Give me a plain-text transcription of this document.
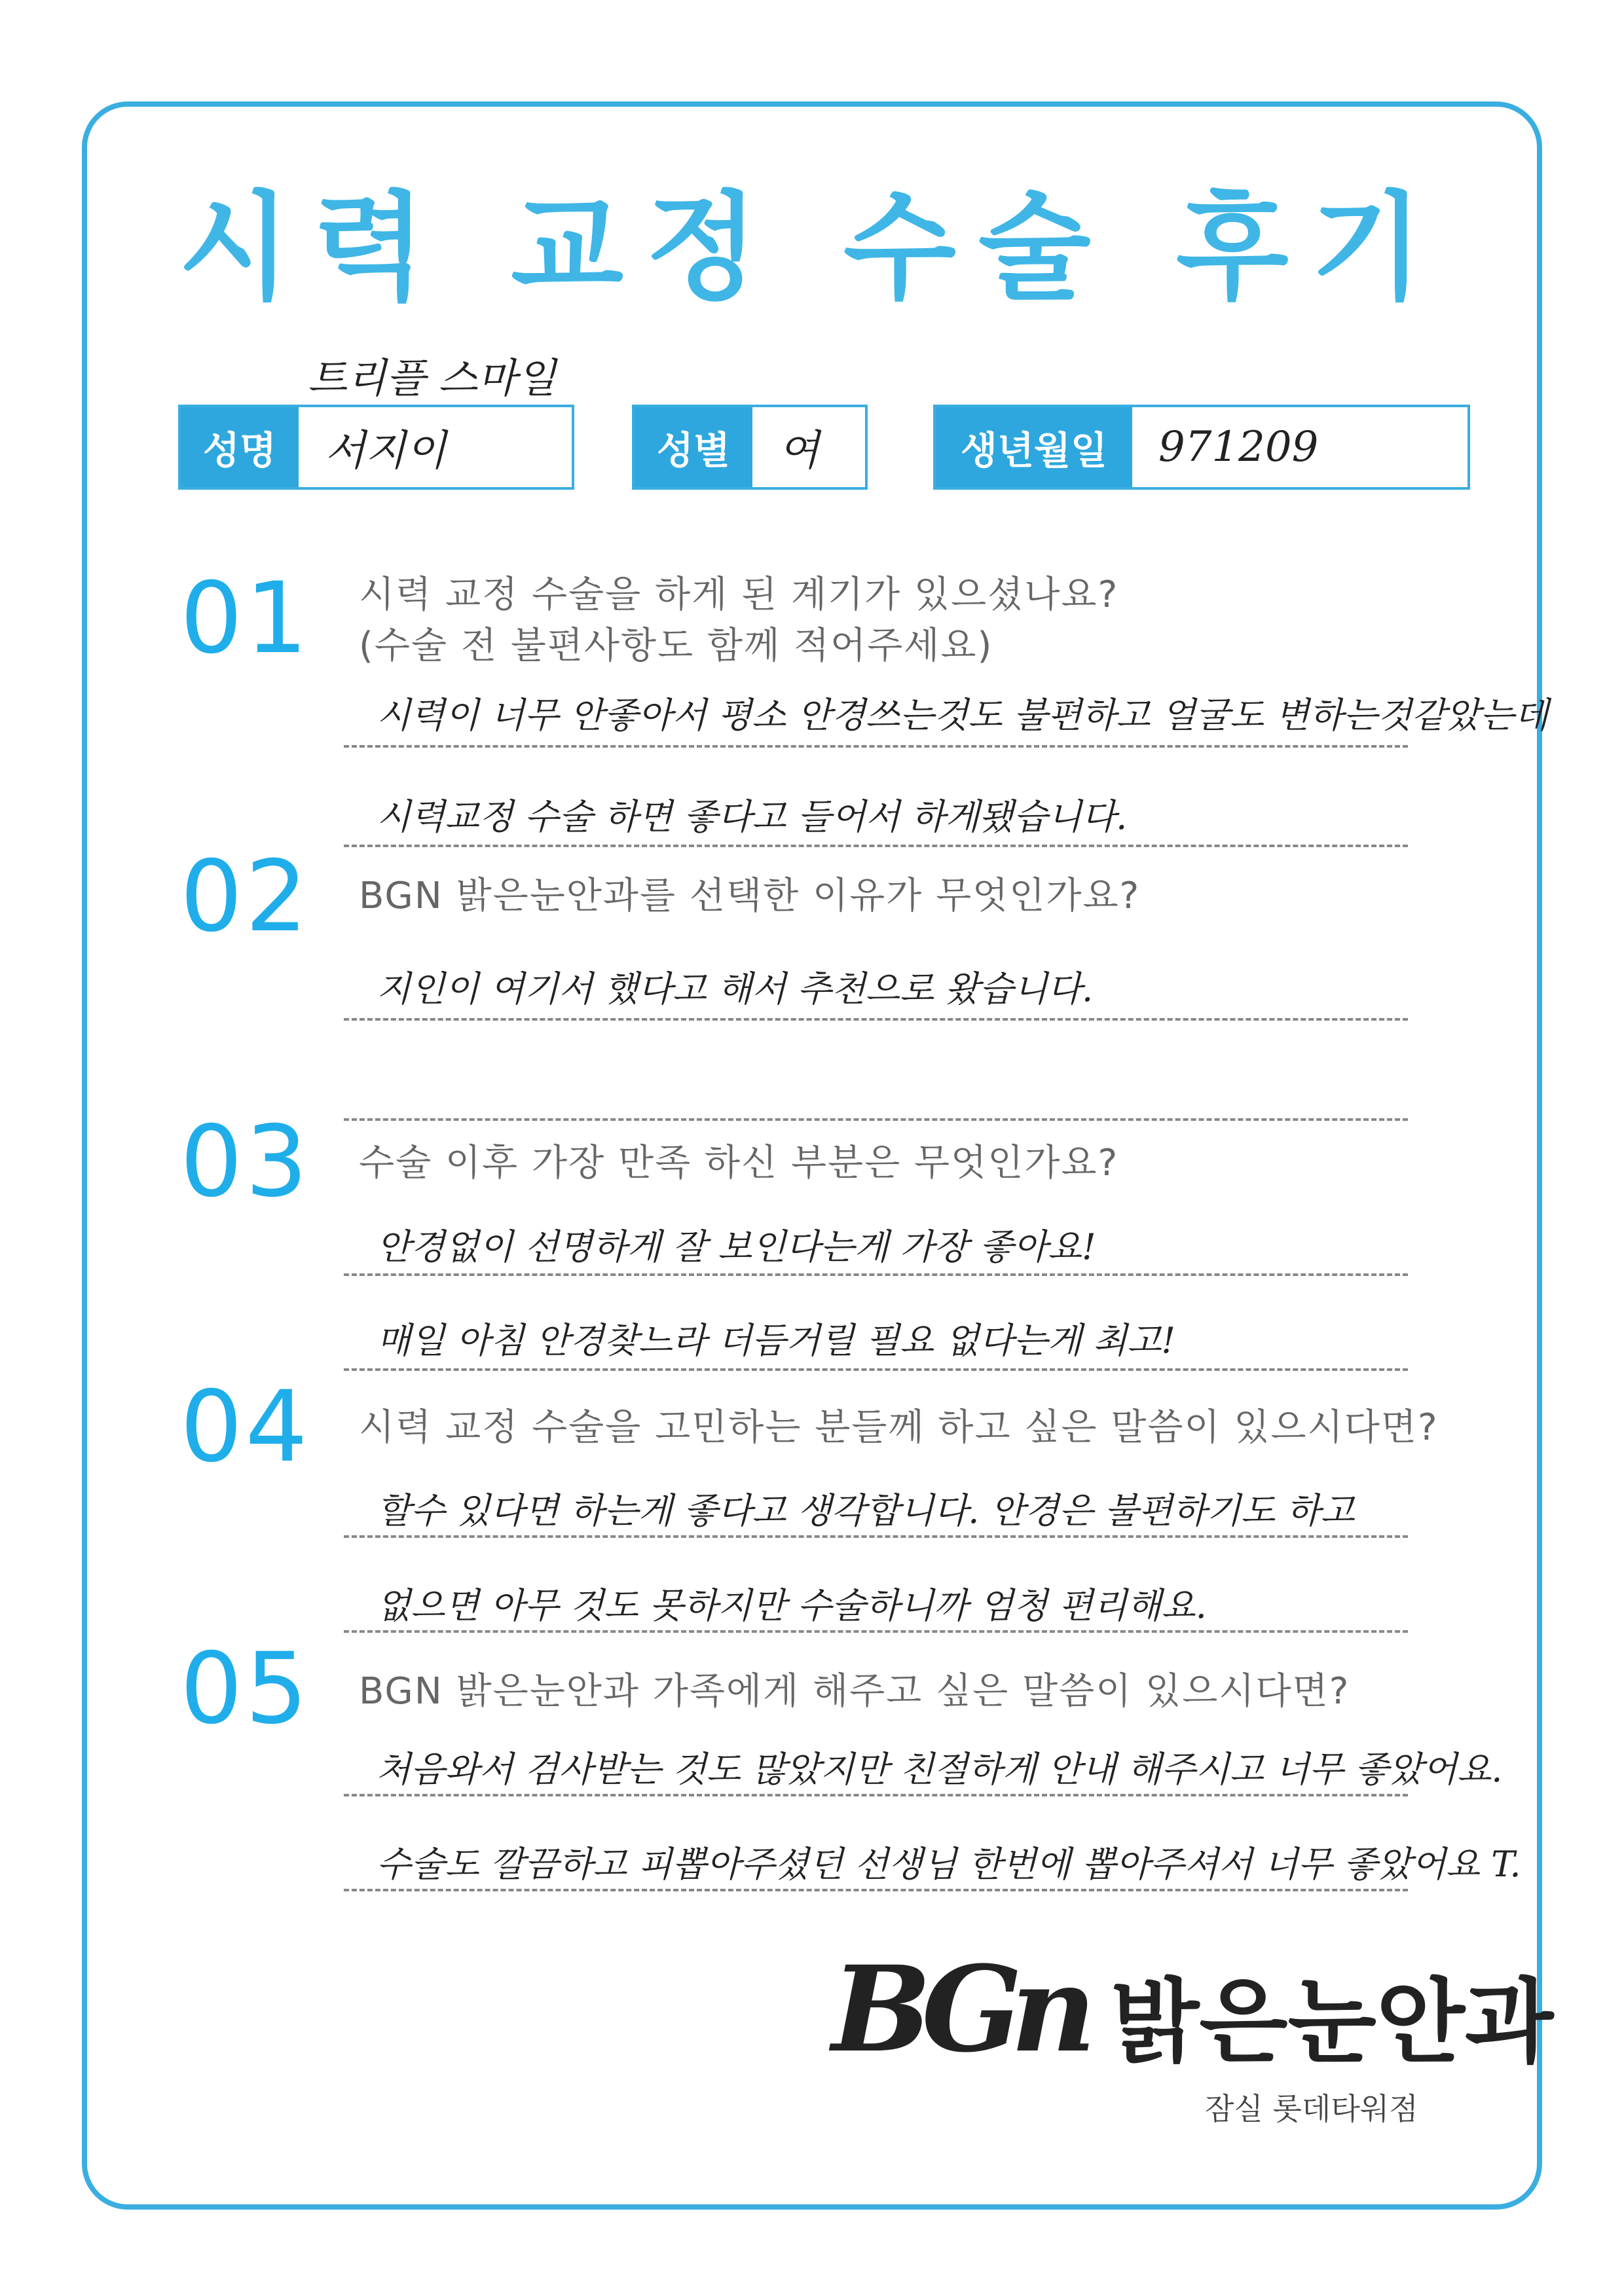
시력 교정 수술 후기
트리플 스마일
성명	서지이	성별	여	생년월일	971209
01 시력 교정 수술을 하게 된 계기가 있으셨나요?
(수술 전 불편사항도 함께 적어주세요)
시력이 너무 안좋아서 평소 안경쓰는것도 불편하고 얼굴도 변하는것같았는데
시력교정 수술 하면 좋다고 들어서 하게됐습니다.
02 BGN 밝은눈안과를 선택한 이유가 무엇인가요?
지인이 여기서 했다고 해서 추천으로 왔습니다.
03 수술 이후 가장 만족 하신 부분은 무엇인가요?
안경없이 선명하게 잘 보인다는게 가장 좋아요!
매일 아침 안경찾느라 더듬거릴 필요 없다는게 최고!
04 시력 교정 수술을 고민하는 분들께 하고 싶은 말씀이 있으시다면?
할수 있다면 하는게 좋다고 생각합니다. 안경은 불편하기도 하고
없으면 아무 것도 못하지만 수술하니까 엄청 편리해요.
05 BGN 밝은눈안과 가족에게 해주고 싶은 말씀이 있으시다면?
처음와서 검사받는 것도 많았지만 친절하게 안내 해주시고 너무 좋았어요.
수술도 깔끔하고 피뽑아주셨던 선생님 한번에 뽑아주셔서 너무 좋았어요 T.
BGn 밝은눈안과
잠실 롯데타워점
